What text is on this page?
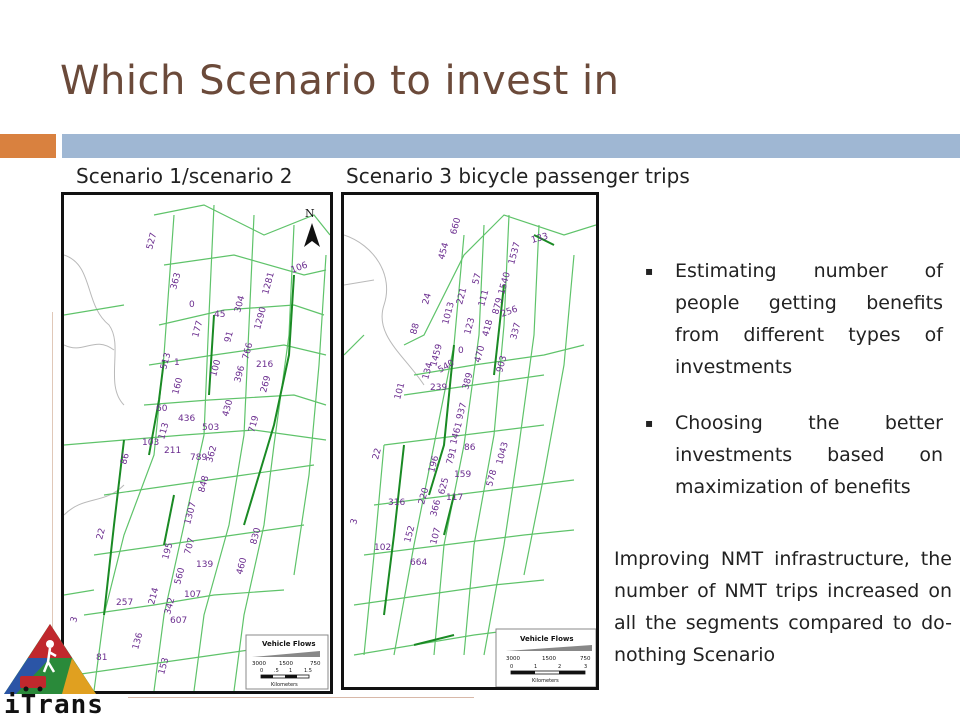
Which Scenario to invest in
Scenario 1/scenario 2	Scenario 3 bicycle passenger trips
527
363
0
45
304
1281
106
177 91
1290
513	100
766
216
1
160
396
269
60
436
430
503	719
113
103
211
789
362
86
848
1307
22
195 707
830
139
560
460
107
257 214
342
607
3
136
81	153
N
Vehicle Flows
3000 1500	750
0 .5 1 1.5
Kilometers
660
454
133
1537
24
57 1540
1013
221 111 879
88
256
123 418 337
1459 0 470
540
134	903
239 389
101
937
1461
86
22	1043
196 791
578
159
220
625
316	117
366
3
152 107
102
664
Vehicle Flows
3000	1500	750
0	1	2	3
Kilometers
▪	Estimating number of people getting benefits from different types of investments
▪	Choosing the better investments based on maximization of benefits
Improving NMT infrastructure, the number of NMT trips increased on all the segments compared to do-nothing Scenario
iTrans
